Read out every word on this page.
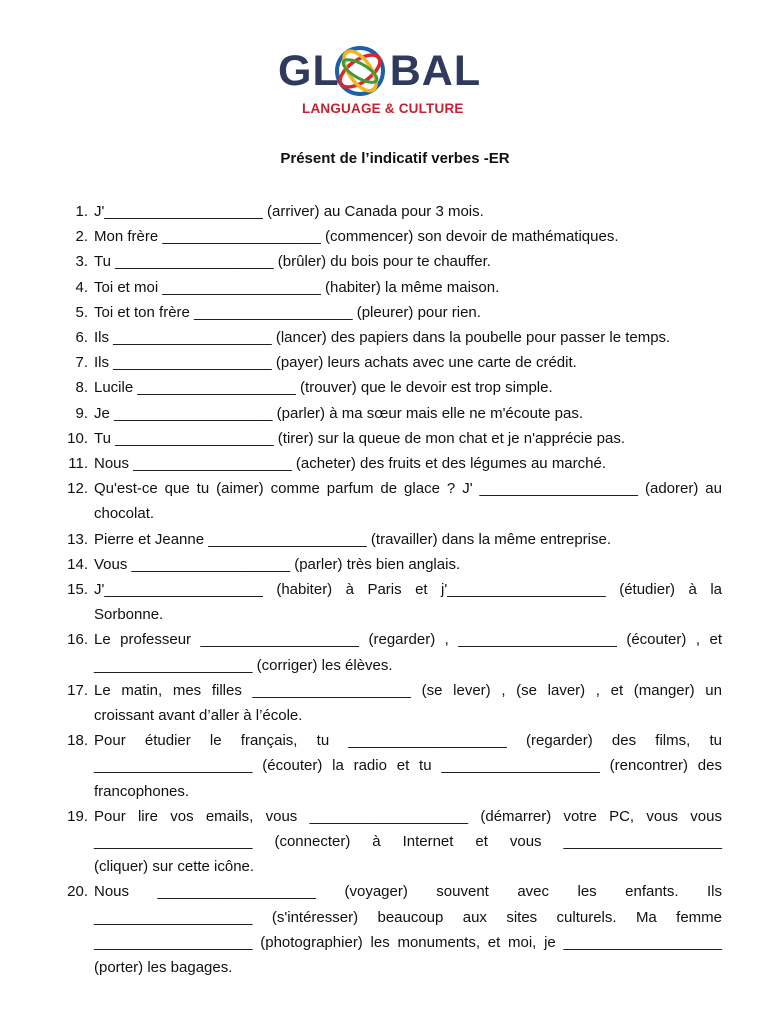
GL BAL
LANGUAGE & CULTURE
Présent de l’indicatif verbes -ER
1. J'___________________ (arriver) au Canada pour 3 mois.
2. Mon frère ___________________ (commencer) son devoir de mathématiques.
3. Tu ___________________ (brûler) du bois pour te chauffer.
4. Toi et moi ___________________ (habiter) la même maison.
5. Toi et ton frère ___________________ (pleurer) pour rien.
6. Ils ___________________ (lancer) des papiers dans la poubelle pour passer le temps.
7. Ils ___________________ (payer) leurs achats avec une carte de crédit.
8. Lucile ___________________ (trouver) que le devoir est trop simple.
9. Je ___________________ (parler) à ma sœur mais elle ne m'écoute pas.
10. Tu ___________________ (tirer) sur la queue de mon chat et je n'apprécie pas.
11. Nous ___________________ (acheter) des fruits et des légumes au marché.
12. Qu'est-ce que tu (aimer) comme parfum de glace ? J' ___________________ (adorer) au
chocolat.
13. Pierre et Jeanne ___________________ (travailler) dans la même entreprise.
14. Vous ___________________ (parler) très bien anglais.
15. J'___________________ (habiter) à Paris et j'___________________ (étudier) à la
Sorbonne.
16. Le professeur ___________________ (regarder) , ___________________ (écouter) , et
___________________ (corriger) les élèves.
17. Le matin, mes filles ___________________ (se lever) , (se laver) , et (manger) un
croissant avant d’aller à l’école.
18. Pour étudier le français, tu ___________________ (regarder) des films, tu
___________________ (écouter) la radio et tu ___________________ (rencontrer) des
francophones.
19. Pour lire vos emails, vous ___________________ (démarrer) votre PC, vous vous
___________________ (connecter) à Internet et vous ___________________
(cliquer) sur cette icône.
20. Nous ___________________ (voyager) souvent avec les enfants. Ils
___________________ (s'intéresser) beaucoup aux sites culturels. Ma femme
___________________ (photographier) les monuments, et moi, je ___________________
(porter) les bagages.
